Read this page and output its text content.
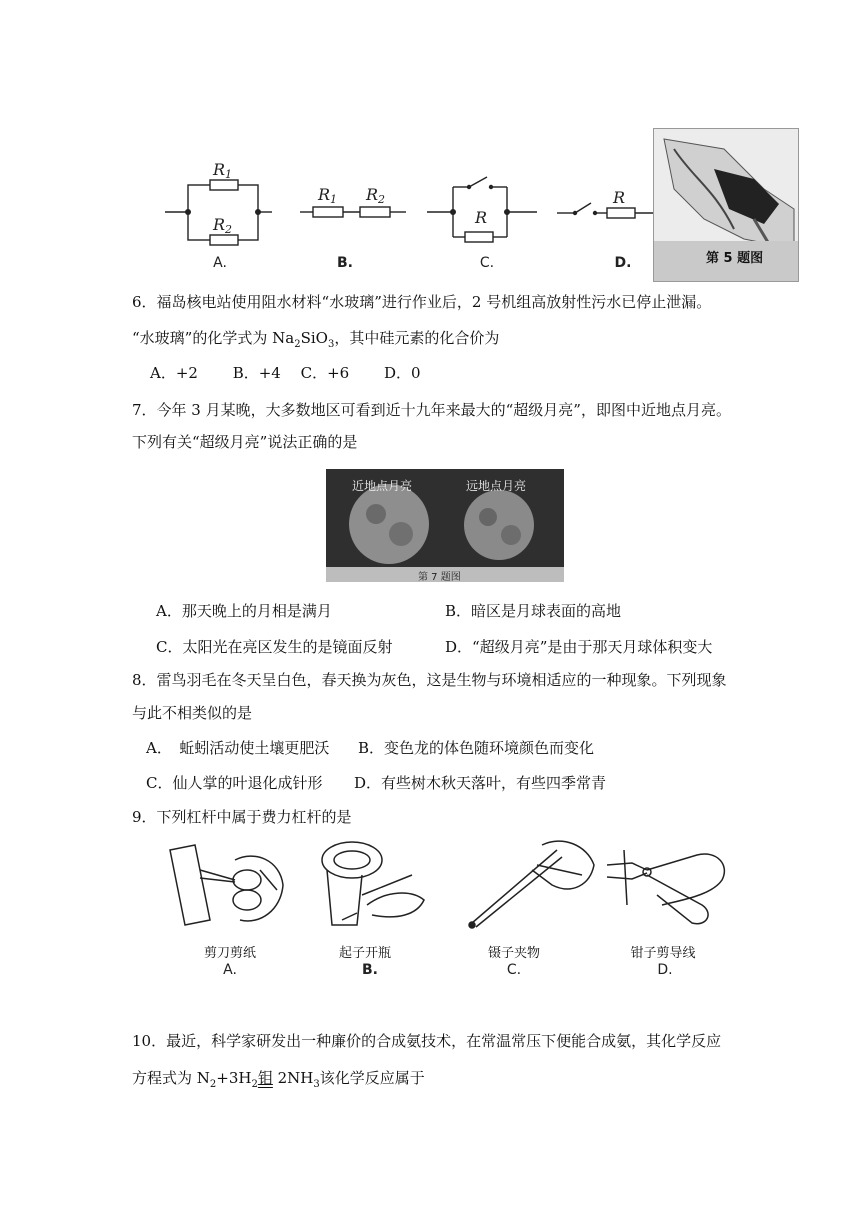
R 1
R 2
A.
R 1 R 2
B.
R
C.
R
D.	第 5 题图
6．福岛核电站使用阻水材料“水玻璃”进行作业后，2 号机组高放射性污水已停止泄漏。
“水玻璃”的化学式为 $Na_2SiO_3$，其中硅元素的化合价为
A．+2　　 B．+4　 C．+6　　 D．0
7．今年 3 月某晚，大多数地区可看到近十九年来最大的“超级月亮”，即图中近地点月亮。
下列有关“超级月亮”说法正确的是
近地点月亮	远地点月亮
第 7 题图
A．那天晚上的月相是满月	B．暗区是月球表面的高地
C．太阳光在亮区发生的是镜面反射	D．“超级月亮”是由于那天月球体积变大
8．雷鸟羽毛在冬天呈白色，春天换为灰色，这是生物与环境相适应的一种现象。下列现象
与此不相类似的是
A．　蚯蚓活动使土壤更肥沃 B．变色龙的体色随环境颜色而变化
C．仙人掌的叶退化成针形 D．有些树木秋天落叶，有些四季常青
9．下列杠杆中属于费力杠杆的是
剪刀剪纸
A.
起子开瓶
B.
镊子夹物
C.
钳子剪导线
D.
10．最近，科学家研发出一种廉价的合成氨技术，在常温常压下便能合成氨，其化学反应
方程式为 $N_2+3H_2$钼 $2NH_3$该化学反应属于
